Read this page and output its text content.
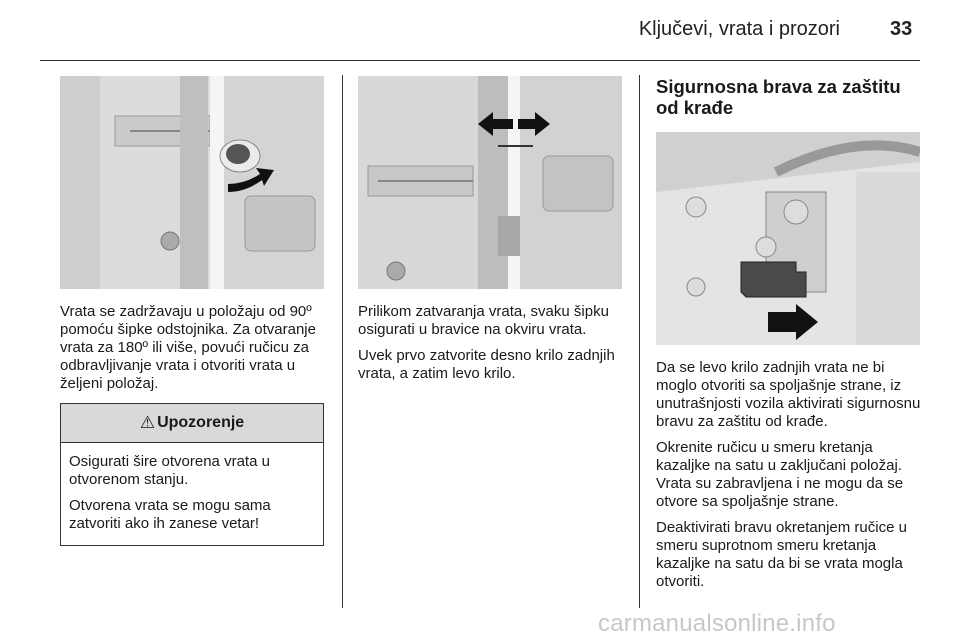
Ključevi, vrata i prozori	33

Vrata se zadržavaju u položaju od 90º pomoću šipke odstojnika. Za otvaranje vrata za 180º ili više, povući ručicu za odbravljivanje vrata i otvoriti vrata u željeni položaj.

⚠ Upozorenje

Osigurati šire otvorena vrata u otvorenom stanju.

Otvorena vrata se mogu sama zatvoriti ako ih zanese vetar!

Prilikom zatvaranja vrata, svaku šipku osigurati u bravice na okviru vrata.

Uvek prvo zatvorite desno krilo zadnjih vrata, a zatim levo krilo.

Sigurnosna brava za zaštitu od krađe

Da se levo krilo zadnjih vrata ne bi moglo otvoriti sa spoljašnje strane, iz unutrašnjosti vozila aktivirati sigurnosnu bravu za zaštitu od krađe.

Okrenite ručicu u smeru kretanja kazaljke na satu u zaključani položaj. Vrata su zabravljena i ne mogu da se otvore sa spoljašnje strane.

Deaktivirati bravu okretanjem ručice u smeru suprotnom smeru kretanja kazaljke na satu da bi se vrata mogla otvoriti.

carmanualsonline.info
